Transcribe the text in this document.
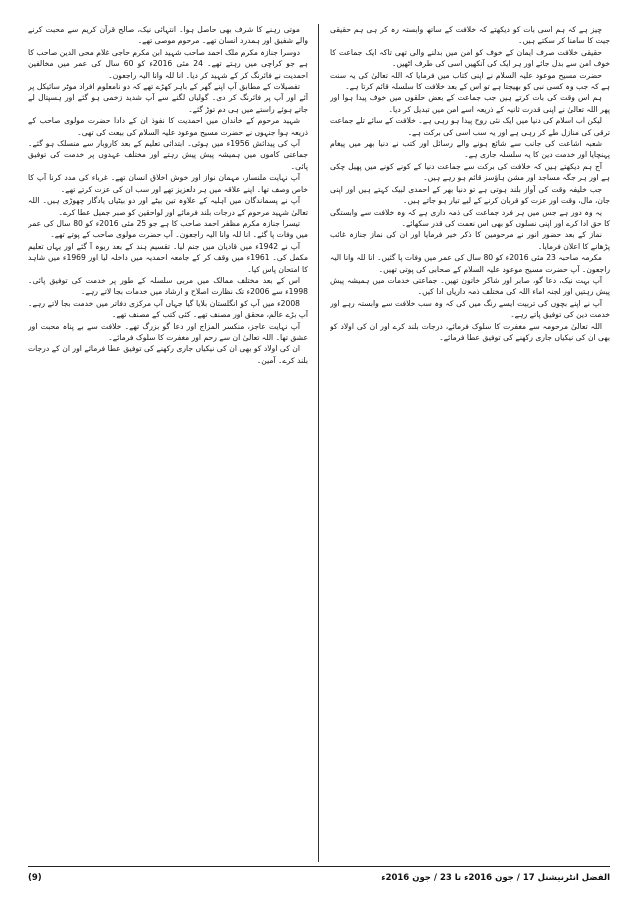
چیز ہے کہ ہم اسی بات کو دیکھتے کہ خلافت کے ساتھ وابستہ رہ کر ہی ہم حقیقی جیت کا سامنا کر سکتے ہیں۔

حقیقی خلافت صرف ایمان کے خوف کو امن میں بدلنے والی تھی تاکہ ایک جماعت کا خوف امن سے بدل جائے اور ہر ایک کی آنکھیں اسی کی طرف اٹھیں۔

حضرت مسیح موعود علیہ السلام نے اپنی کتاب میں فرمایا کہ اللہ تعالیٰ کی یہ سنت ہے کہ جب وہ کسی نبی کو بھیجتا ہے تو اس کے بعد خلافت کا سلسلہ قائم کرتا ہے۔

ہم اس وقت کی بات کرتے ہیں جب جماعت کے بعض حلقوں میں خوف پیدا ہوا اور پھر اللہ تعالیٰ نے اپنی قدرت ثانیہ کے ذریعہ اسے امن میں تبدیل کر دیا۔

لیکن اب اسلام کی دنیا میں ایک نئی روح پیدا ہو رہی ہے۔ خلافت کے سائے تلے جماعت ترقی کی منازل طے کر رہی ہے اور یہ سب اسی کی برکت ہے۔

شعبہ اشاعت کی جانب سے شائع ہونے والے رسائل اور کتب نے دنیا بھر میں پیغام پہنچایا اور خدمت دین کا یہ سلسلہ جاری ہے۔

آج ہم دیکھتے ہیں کہ خلافت کی برکت سے جماعت دنیا کے کونے کونے میں پھیل چکی ہے اور ہر جگہ مساجد اور مشن ہاؤسز قائم ہو رہے ہیں۔

جب خلیفہ وقت کی آواز بلند ہوتی ہے تو دنیا بھر کے احمدی لبیک کہتے ہیں اور اپنی جان، مال، وقت اور عزت کو قربان کرنے کے لیے تیار ہو جاتے ہیں۔

یہ وہ دور ہے جس میں ہر فرد جماعت کی ذمہ داری ہے کہ وہ خلافت سے وابستگی کا حق ادا کرے اور اپنی نسلوں کو بھی اس نعمت کی قدر سکھائے۔

نماز کے بعد حضور انور نے مرحومین کا ذکر خیر فرمایا اور ان کی نماز جنازہ غائب پڑھانے کا اعلان فرمایا۔

مکرمہ صاحبہ 23 مئی 2016ء کو 80 سال کی عمر میں وفات پا گئیں۔ انا للہ وانا الیہ راجعون۔ آپ حضرت مسیح موعود علیہ السلام کے صحابی کی پوتی تھیں۔

آپ بہت نیک، دعا گو، صابر اور شاکر خاتون تھیں۔ جماعتی خدمات میں ہمیشہ پیش پیش رہتیں اور لجنہ اماء اللہ کی مختلف ذمہ داریاں ادا کیں۔

آپ نے اپنے بچوں کی تربیت ایسے رنگ میں کی کہ وہ سب خلافت سے وابستہ رہے اور خدمت دین کی توفیق پاتے رہے۔

اللہ تعالیٰ مرحومہ سے مغفرت کا سلوک فرمائے، درجات بلند کرے اور ان کی اولاد کو بھی ان کی نیکیاں جاری رکھنے کی توفیق عطا فرمائے۔

موتی رہنے کا شرف بھی حاصل ہوا۔ انتہائی نیک، صالح قرآن کریم سے محبت کرنے والے شفیق اور ہمدرد انسان تھے۔ مرحوم موصی تھے۔

دوسرا جنازہ مکرم ملک احمد صاحب شہید ابن مکرم حاجی غلام محی الدین صاحب کا ہے جو کراچی میں رہتے تھے۔ 24 مئی 2016ء کو 60 سال کی عمر میں مخالفین احمدیت نے فائرنگ کر کے شہید کر دیا۔ انا للہ وانا الیہ راجعون۔

تفصیلات کے مطابق آپ اپنے گھر کے باہر کھڑے تھے کہ دو نامعلوم افراد موٹر سائیکل پر آئے اور آپ پر فائرنگ کر دی۔ گولیاں لگنے سے آپ شدید زخمی ہو گئے اور ہسپتال لے جاتے ہوئے راستے میں ہی دم توڑ گئے۔

شہید مرحوم کے خاندان میں احمدیت کا نفوذ ان کے دادا حضرت مولوی صاحب کے ذریعہ ہوا جنہوں نے حضرت مسیح موعود علیہ السلام کی بیعت کی تھی۔

آپ کی پیدائش 1956ء میں ہوئی۔ ابتدائی تعلیم کے بعد کاروبار سے منسلک ہو گئے۔ جماعتی کاموں میں ہمیشہ پیش پیش رہتے اور مختلف عہدوں پر خدمت کی توفیق پائی۔

آپ نہایت ملنسار، مہمان نواز اور خوش اخلاق انسان تھے۔ غرباء کی مدد کرنا آپ کا خاص وصف تھا۔ اپنے علاقہ میں ہر دلعزیز تھے اور سب ان کی عزت کرتے تھے۔

آپ نے پسماندگان میں اہلیہ کے علاوہ تین بیٹے اور دو بیٹیاں یادگار چھوڑی ہیں۔ اللہ تعالیٰ شہید مرحوم کے درجات بلند فرمائے اور لواحقین کو صبر جمیل عطا کرے۔

تیسرا جنازہ مکرم مظفر احمد صاحب کا ہے جو 25 مئی 2016ء کو 80 سال کی عمر میں وفات پا گئے۔ انا للہ وانا الیہ راجعون۔ آپ حضرت مولوی صاحب کے پوتے تھے۔

آپ نے 1942ء میں قادیان میں جنم لیا۔ تقسیم ہند کے بعد ربوہ آ گئے اور یہاں تعلیم مکمل کی۔ 1961ء میں وقف کر کے جامعہ احمدیہ میں داخلہ لیا اور 1969ء میں شاہد کا امتحان پاس کیا۔

اس کے بعد مختلف ممالک میں مربی سلسلہ کے طور پر خدمت کی توفیق پائی۔ 1998ء سے 2006ء تک نظارت اصلاح و ارشاد میں خدمات بجا لاتے رہے۔

2008ء میں آپ کو انگلستان بلایا گیا جہاں آپ مرکزی دفاتر میں خدمت بجا لاتے رہے۔ آپ بڑے عالم، محقق اور مصنف تھے۔ کئی کتب کے مصنف تھے۔

آپ نہایت عاجز، منکسر المزاج اور دعا گو بزرگ تھے۔ خلافت سے بے پناہ محبت اور عشق تھا۔ اللہ تعالیٰ ان سے رحم اور مغفرت کا سلوک فرمائے۔

ان کی اولاد کو بھی ان کی نیکیاں جاری رکھنے کی توفیق عطا فرمائے اور ان کے درجات بلند کرے۔ آمین۔

الفضل انٹرنیشنل 17 / جون 2016ء تا 23 / جون 2016ء
(9)
